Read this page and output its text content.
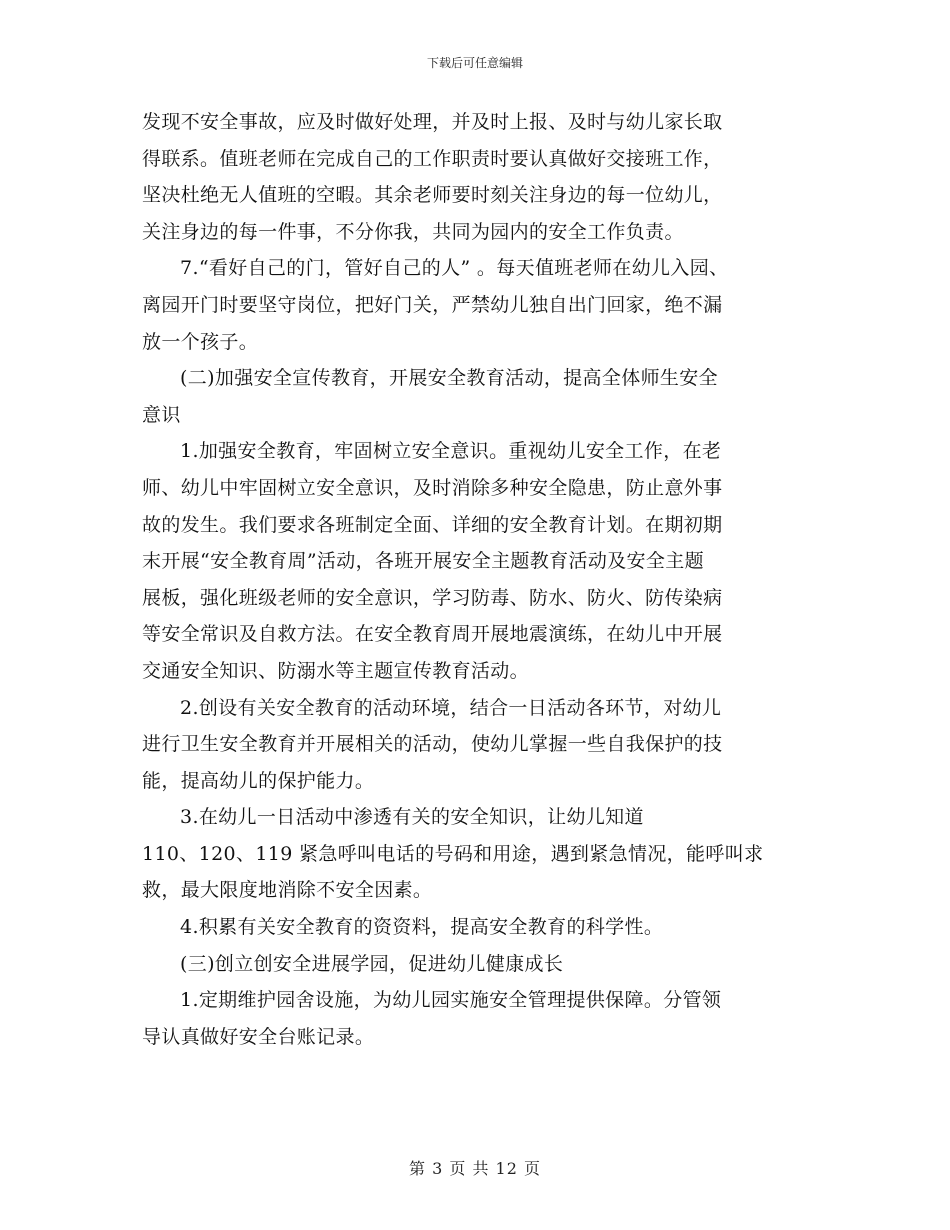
下载后可任意编辑
发现不安全事故，应及时做好处理，并及时上报、及时与幼儿家长取
得联系。值班老师在完成自己的工作职责时要认真做好交接班工作，
坚决杜绝无人值班的空暇。其余老师要时刻关注身边的每一位幼儿，
关注身边的每一件事，不分你我，共同为园内的安全工作负责。
7.“看好自己的门，管好自己的人” 。每天值班老师在幼儿入园、
离园开门时要坚守岗位，把好门关，严禁幼儿独自出门回家，绝不漏
放一个孩子。
(二)加强安全宣传教育，开展安全教育活动，提高全体师生安全
意识
1.加强安全教育，牢固树立安全意识。重视幼儿安全工作，在老
师、幼儿中牢固树立安全意识，及时消除多种安全隐患，防止意外事
故的发生。我们要求各班制定全面、详细的安全教育计划。在期初期
末开展“安全教育周”活动，各班开展安全主题教育活动及安全主题
展板，强化班级老师的安全意识，学习防毒、防水、防火、防传染病
等安全常识及自救方法。在安全教育周开展地震演练，在幼儿中开展
交通安全知识、防溺水等主题宣传教育活动。
2.创设有关安全教育的活动环境，结合一日活动各环节，对幼儿
进行卫生安全教育并开展相关的活动，使幼儿掌握一些自我保护的技
能，提高幼儿的保护能力。
3.在幼儿一日活动中渗透有关的安全知识，让幼儿知道
110、120、119 紧急呼叫电话的号码和用途，遇到紧急情况，能呼叫求
救，最大限度地消除不安全因素。
4.积累有关安全教育的资资料，提高安全教育的科学性。
(三)创立创安全进展学园，促进幼儿健康成长
1.定期维护园舍设施，为幼儿园实施安全管理提供保障。分管领
导认真做好安全台账记录。
第 3 页 共 12 页
